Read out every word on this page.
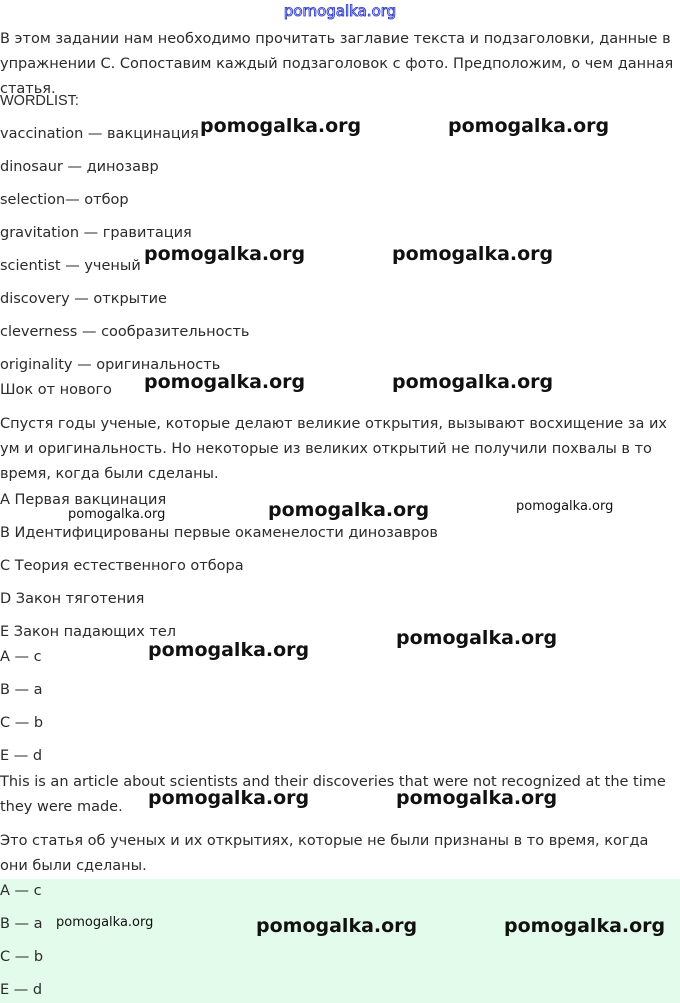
pomogalka.org
В этом задании нам необходимо прочитать заглавие текста и подзаголовки, данные в упражнении С. Сопоставим каждый подзаголовок с фото. Предположим, о чем данная статья.
WORDLIST:
vaccination — вакцинация
dinosaur — динозавр
selection— отбор
gravitation — гравитация
scientist — ученый
discovery — открытие
cleverness — сообразительность
originality — оригинальность
Шок от нового
Спустя годы ученые, которые делают великие открытия, вызывают восхищение за их ум и оригинальность. Но некоторые из великих открытий не получили похвалы в то время, когда были сделаны.
A Первая вакцинация
B Идентифицированы первые окаменелости динозавров
C Теория естественного отбора
D Закон тяготения
E Закон падающих тел
A — c
B — a
C — b
E — d
This is an article about scientists and their discoveries that were not recognized at the time they were made.
Это статья об ученых и их открытиях, которые не были признаны в то время, когда они были сделаны.
A — c
B — a
C — b
E — d
pomogalka.org	pomogalka.org
pomogalka.org	pomogalka.org
pomogalka.org	pomogalka.org
pomogalka.org	pomogalka.org	pomogalka.org
pomogalka.org
pomogalka.org
pomogalka.org	pomogalka.org
pomogalka.org	pomogalka.org	pomogalka.org
